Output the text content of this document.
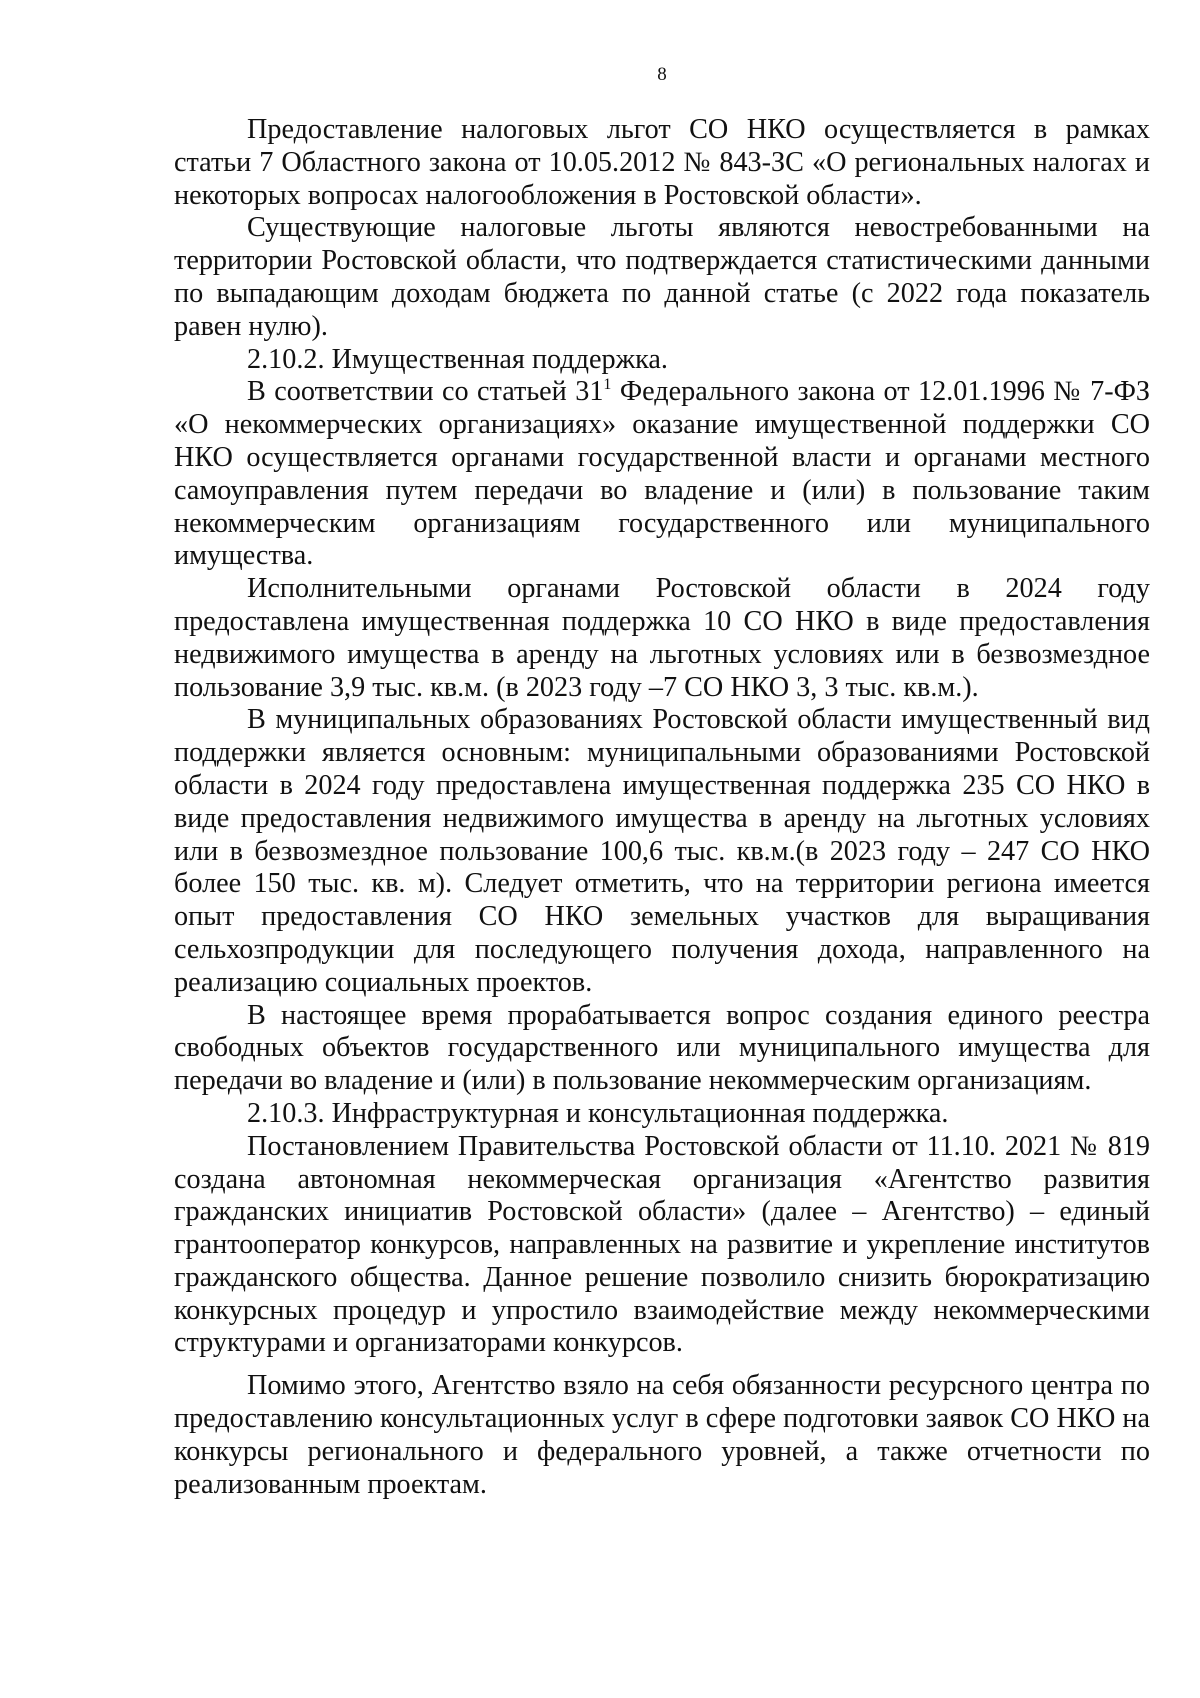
8

Предоставление налоговых льгот СО НКО осуществляется в рамках статьи 7 Областного закона от 10.05.2012 № 843-ЗС «О региональных налогах и некоторых вопросах налогообложения в Ростовской области».

Существующие налоговые льготы являются невостребованными на территории Ростовской области, что подтверждается статистическими данными по выпадающим доходам бюджета по данной статье (с 2022 года показатель равен нулю).

2.10.2. Имущественная поддержка.

В соответствии со статьей $31^1$ Федерального закона от 12.01.1996 № 7-ФЗ «О некоммерческих организациях» оказание имущественной поддержки СО НКО осуществляется органами государственной власти и органами местного самоуправления путем передачи во владение и (или) в пользование таким некоммерческим организациям государственного или муниципального имущества.

Исполнительными органами Ростовской области в 2024 году предоставлена имущественная поддержка 10 СО НКО в виде предоставления недвижимого имущества в аренду на льготных условиях или в безвозмездное пользование 3,9 тыс. кв.м. (в 2023 году –7 СО НКО 3, 3 тыс. кв.м.).

В муниципальных образованиях Ростовской области имущественный вид поддержки является основным: муниципальными образованиями Ростовской области в 2024 году предоставлена имущественная поддержка 235 СО НКО в виде предоставления недвижимого имущества в аренду на льготных условиях или в безвозмездное пользование 100,6 тыс. кв.м.(в 2023 году – 247 СО НКО более 150 тыс. кв. м). Следует отметить, что на территории региона имеется опыт предоставления СО НКО земельных участков для выращивания сельхозпродукции для последующего получения дохода, направленного на реализацию социальных проектов.

В настоящее время прорабатывается вопрос создания единого реестра свободных объектов государственного или муниципального имущества для передачи во владение и (или) в пользование некоммерческим организациям.

2.10.3. Инфраструктурная и консультационная поддержка.

Постановлением Правительства Ростовской области от 11.10. 2021 № 819 создана автономная некоммерческая организация «Агентство развития гражданских инициатив Ростовской области» (далее – Агентство) – единый грантооператор конкурсов, направленных на развитие и укрепление институтов гражданского общества. Данное решение позволило снизить бюрократизацию конкурсных процедур и упростило взаимодействие между некоммерческими структурами и организаторами конкурсов.

Помимо этого, Агентство взяло на себя обязанности ресурсного центра по предоставлению консультационных услуг в сфере подготовки заявок СО НКО на конкурсы регионального и федерального уровней, а также отчетности по реализованным проектам.
